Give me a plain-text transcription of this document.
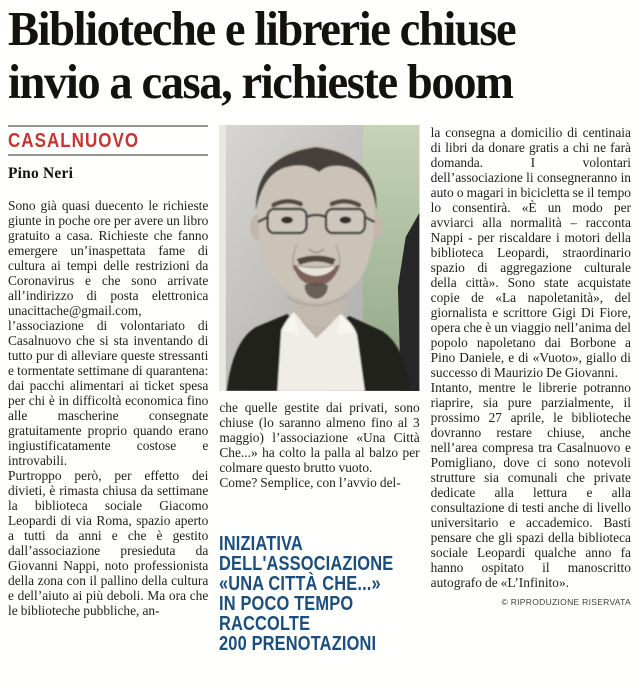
Biblioteche e librerie chiuse
invio a casa, richieste boom
CASALNUOVO
Pino Neri

Sono già quasi duecento le richieste giunte in poche ore per avere un libro gratuito a casa. Richieste che fanno emergere un’inaspettata fame di cultura ai tempi delle restrizioni da Coronavirus e che sono arrivate all’indirizzo di posta elettronica unacittache@gmail.com, l’associazione di volontariato di Casalnuovo che si sta inventando di tutto pur di alleviare queste stressanti e tormentate settimane di quarantena: dai pacchi alimentari ai ticket spesa per chi è in difficoltà economica fino alle mascherine consegnate gratuitamente proprio quando erano ingiustificatamente costose e introvabili.

Purtroppo però, per effetto dei divieti, è rimasta chiusa da settimane la biblioteca sociale Giacomo Leopardi di via Roma, spazio aperto a tutti da anni e che è gestito dall’associazione presieduta da Giovanni Nappi, noto professionista della zona con il pallino della cultura e dell’aiuto ai più deboli. Ma ora che le biblioteche pubbliche, an-

che quelle gestite dai privati, sono chiuse (lo saranno almeno fino al 3 maggio) l’associazione «Una Città Che...» ha colto la palla al balzo per colmare questo brutto vuoto.

Come? Semplice, con l’avvio del-

INIZIATIVA
DELL'ASSOCIAZIONE
«UNA CITTÀ CHE...»
IN POCO TEMPO
RACCOLTE
200 PRENOTAZIONI

la consegna a domicilio di centinaia di libri da donare gratis a chi ne farà domanda. I volontari dell’associazione li consegneranno in auto o magari in bicicletta se il tempo lo consentirà. «È un modo per avviarci alla normalità – racconta Nappi - per riscaldare i motori della biblioteca Leopardi, straordinario spazio di aggregazione culturale della città». Sono state acquistate copie de «La napoletanità», del giornalista e scrittore Gigi Di Fiore, opera che è un viaggio nell’anima del popolo napoletano dai Borbone a Pino Daniele, e di «Vuoto», giallo di successo di Maurizio De Giovanni.

Intanto, mentre le librerie potranno riaprire, sia pure parzialmente, il prossimo 27 aprile, le biblioteche dovranno restare chiuse, anche nell’area compresa tra Casalnuovo e Pomigliano, dove ci sono notevoli strutture sia comunali che private dedicate alla lettura e alla consultazione di testi anche di livello universitario e accademico. Basti pensare che gli spazi della biblioteca sociale Leopardi qualche anno fa hanno ospitato il manoscritto autografo de «L’Infinito».

© RIPRODUZIONE RISERVATA
